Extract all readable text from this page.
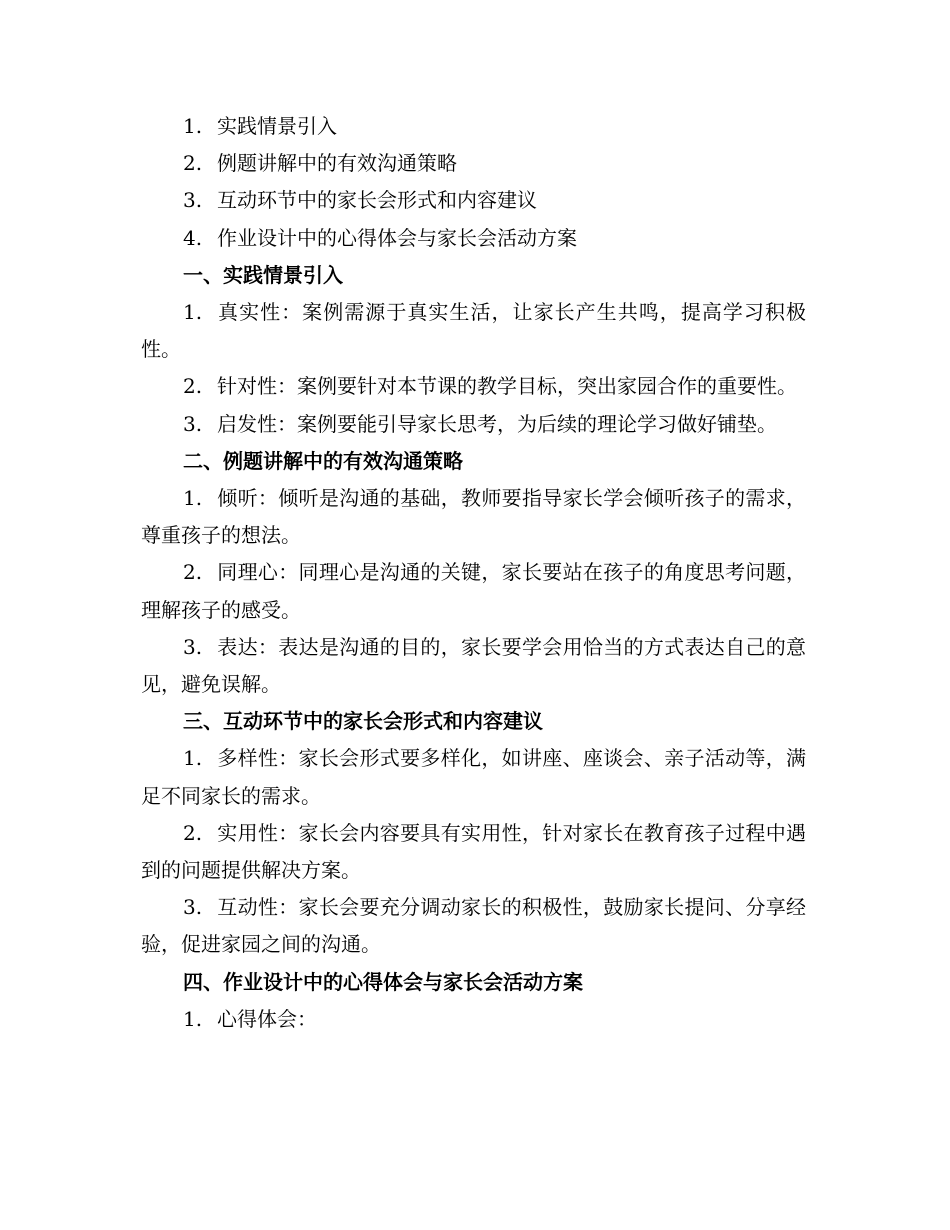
1. 实践情景引入

2. 例题讲解中的有效沟通策略

3. 互动环节中的家长会形式和内容建议

4. 作业设计中的心得体会与家长会活动方案

一、实践情景引入

1. 真实性：案例需源于真实生活，让家长产生共鸣，提高学习积极性。

2. 针对性：案例要针对本节课的教学目标，突出家园合作的重要性。

3. 启发性：案例要能引导家长思考，为后续的理论学习做好铺垫。

二、例题讲解中的有效沟通策略

1. 倾听：倾听是沟通的基础，教师要指导家长学会倾听孩子的需求，尊重孩子的想法。

2. 同理心：同理心是沟通的关键，家长要站在孩子的角度思考问题，理解孩子的感受。

3. 表达：表达是沟通的目的，家长要学会用恰当的方式表达自己的意见，避免误解。

三、互动环节中的家长会形式和内容建议

1. 多样性：家长会形式要多样化，如讲座、座谈会、亲子活动等，满足不同家长的需求。

2. 实用性：家长会内容要具有实用性，针对家长在教育孩子过程中遇到的问题提供解决方案。

3. 互动性：家长会要充分调动家长的积极性，鼓励家长提问、分享经验，促进家园之间的沟通。

四、作业设计中的心得体会与家长会活动方案

1. 心得体会：
